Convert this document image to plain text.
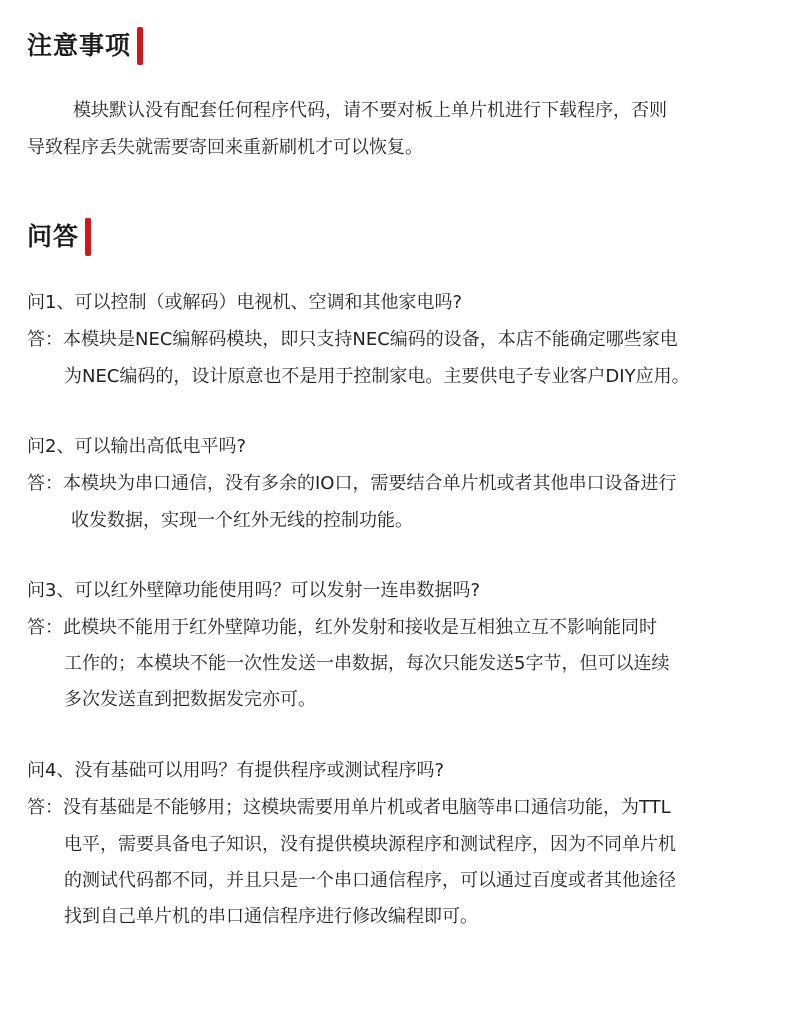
注意事项
模块默认没有配套任何程序代码，请不要对板上单片机进行下载程序，否则
导致程序丢失就需要寄回来重新刷机才可以恢复。
问答
问1、可以控制（或解码）电视机、空调和其他家电吗?
答：本模块是NEC编解码模块，即只支持NEC编码的设备，本店不能确定哪些家电
为NEC编码的，设计原意也不是用于控制家电。主要供电子专业客户DIY应用。
问2、可以输出高低电平吗?
答：本模块为串口通信，没有多余的IO口，需要结合单片机或者其他串口设备进行
收发数据，实现一个红外无线的控制功能。
问3、可以红外壁障功能使用吗？可以发射一连串数据吗?
答：此模块不能用于红外壁障功能，红外发射和接收是互相独立互不影响能同时
工作的；本模块不能一次性发送一串数据，每次只能发送5字节，但可以连续
多次发送直到把数据发完亦可。
问4、没有基础可以用吗？有提供程序或测试程序吗?
答：没有基础是不能够用；这模块需要用单片机或者电脑等串口通信功能，为TTL
电平，需要具备电子知识，没有提供模块源程序和测试程序，因为不同单片机
的测试代码都不同，并且只是一个串口通信程序，可以通过百度或者其他途径
找到自己单片机的串口通信程序进行修改编程即可。
